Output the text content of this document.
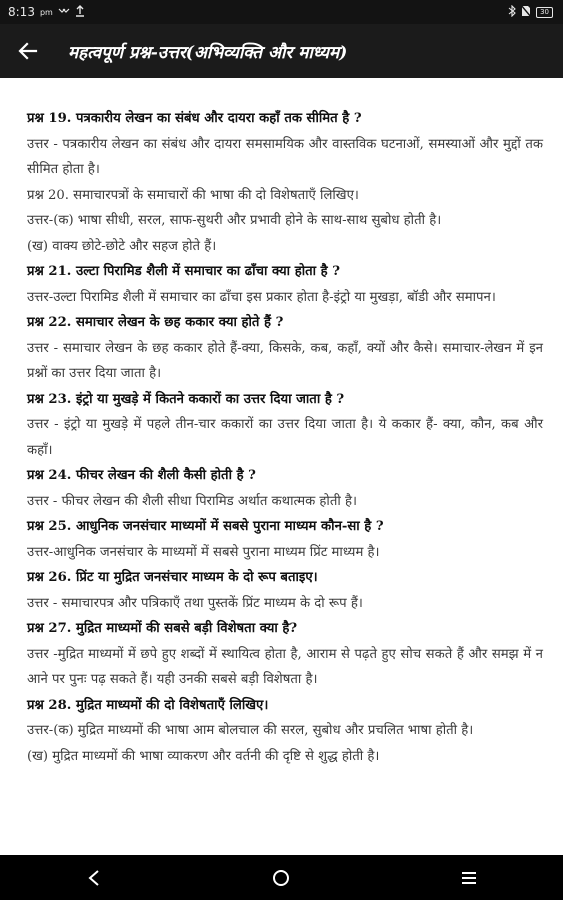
8:13 pm	30
महत्वपूर्ण प्रश्न-उत्तर(अभिव्यक्ति और माध्यम)

प्रश्न 19. पत्रकारीय लेखन का संबंध और दायरा कहाँ तक सीमित है ?

उत्तर - पत्रकारीय लेखन का संबंध और दायरा समसामयिक और वास्तविक घटनाओं, समस्याओं और मुद्दों तक सीमित होता है।

प्रश्न 20. समाचारपत्रों के समाचारों की भाषा की दो विशेषताएँ लिखिए।

उत्तर-(क) भाषा सीधी, सरल, साफ-सुथरी और प्रभावी होने के साथ-साथ सुबोध होती है।

(ख) वाक्य छोटे-छोटे और सहज होते हैं।

प्रश्न 21. उल्टा पिरामिड शैली में समाचार का ढाँचा क्या होता है ?

उत्तर-उल्टा पिरामिड शैली में समाचार का ढाँचा इस प्रकार होता है-इंट्रो या मुखड़ा, बॉडी और समापन।

प्रश्न 22. समाचार लेखन के छह ककार क्या होते हैं ?

उत्तर - समाचार लेखन के छह ककार होते हैं-क्या, किसके, कब, कहाँ, क्यों और कैसे। समाचार-लेखन में इन प्रश्नों का उत्तर दिया जाता है।

प्रश्न 23. इंट्रो या मुखड़े में कितने ककारों का उत्तर दिया जाता है ?

उत्तर - इंट्रो या मुखड़े में पहले तीन-चार ककारों का उत्तर दिया जाता है। ये ककार हैं- क्या, कौन, कब और कहाँ।

प्रश्न 24. फीचर लेखन की शैली कैसी होती है ?

उत्तर - फीचर लेखन की शैली सीधा पिरामिड अर्थात कथात्मक होती है।

प्रश्न 25. आधुनिक जनसंचार माध्यमों में सबसे पुराना माध्यम कौन-सा है ?

उत्तर-आधुनिक जनसंचार के माध्यमों में सबसे पुराना माध्यम प्रिंट माध्यम है।

प्रश्न 26. प्रिंट या मुद्रित जनसंचार माध्यम के दो रूप बताइए।

उत्तर - समाचारपत्र और पत्रिकाएँ तथा पुस्तकें प्रिंट माध्यम के दो रूप हैं।

प्रश्न 27. मुद्रित माध्यमों की सबसे बड़ी विशेषता क्या है?

उत्तर -मुद्रित माध्यमों में छपे हुए शब्दों में स्थायित्व होता है, आराम से पढ़ते हुए सोच सकते हैं और समझ में न आने पर पुनः पढ़ सकते हैं। यही उनकी सबसे बड़ी विशेषता है।

प्रश्न 28. मुद्रित माध्यमों की दो विशेषताएँ लिखिए।

उत्तर-(क) मुद्रित माध्यमों की भाषा आम बोलचाल की सरल, सुबोध और प्रचलित भाषा होती है।

(ख) मुद्रित माध्यमों की भाषा व्याकरण और वर्तनी की दृष्टि से शुद्ध होती है।
